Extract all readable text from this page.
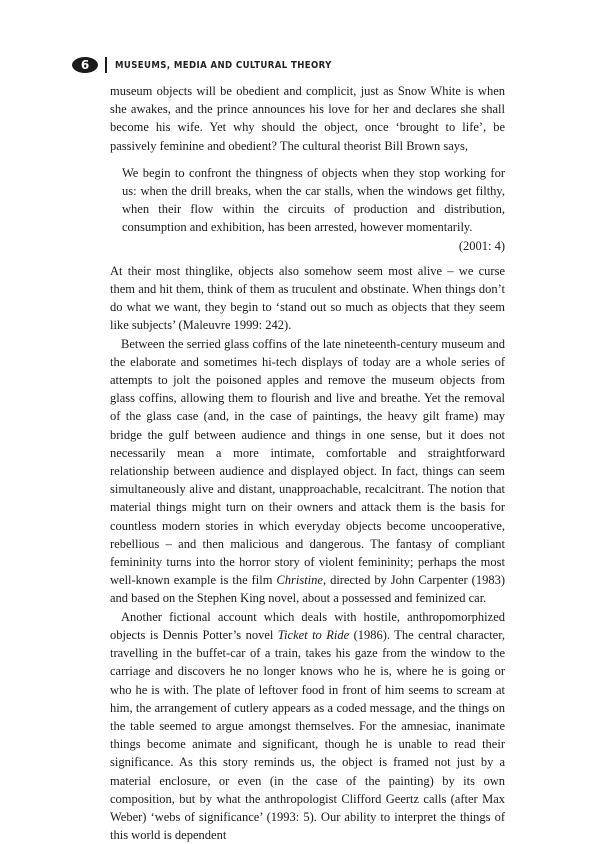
6	MUSEUMS, MEDIA AND CULTURAL THEORY

museum objects will be obedient and complicit, just as Snow White is when she awakes, and the prince announces his love for her and declares she shall become his wife. Yet why should the object, once ‘brought to life’, be passively feminine and obedient? The cultural theorist Bill Brown says,

We begin to confront the thingness of objects when they stop working for us: when the drill breaks, when the car stalls, when the windows get filthy, when their flow within the circuits of production and distribution, consumption and exhibition, has been arrested, however momentarily.
(2001: 4)

At their most thinglike, objects also somehow seem most alive – we curse them and hit them, think of them as truculent and obstinate. When things don’t do what we want, they begin to ‘stand out so much as objects that they seem like subjects’ (Maleuvre 1999: 242).

Between the serried glass coffins of the late nineteenth-century museum and the elaborate and sometimes hi-tech displays of today are a whole series of attempts to jolt the poisoned apples and remove the museum objects from glass coffins, allowing them to flourish and live and breathe. Yet the removal of the glass case (and, in the case of paintings, the heavy gilt frame) may bridge the gulf between audience and things in one sense, but it does not necessarily mean a more intimate, comfortable and straightforward relationship between audience and displayed object. In fact, things can seem simultaneously alive and distant, unapproachable, recalcitrant. The notion that material things might turn on their owners and attack them is the basis for countless modern stories in which everyday objects become uncooperative, rebellious – and then malicious and dangerous. The fantasy of compliant femininity turns into the horror story of violent femininity; perhaps the most well-known example is the film Christine, directed by John Carpenter (1983) and based on the Stephen King novel, about a possessed and feminized car.

Another fictional account which deals with hostile, anthropomorphized objects is Dennis Potter’s novel Ticket to Ride (1986). The central character, travelling in the buffet-car of a train, takes his gaze from the window to the carriage and discovers he no longer knows who he is, where he is going or who he is with. The plate of leftover food in front of him seems to scream at him, the arrangement of cutlery appears as a coded message, and the things on the table seemed to argue amongst themselves. For the amnesiac, inanimate things become animate and significant, though he is unable to read their significance. As this story reminds us, the object is framed not just by a material enclosure, or even (in the case of the painting) by its own composition, but by what the anthropologist Clifford Geertz calls (after Max Weber) ‘webs of significance’ (1993: 5). Our ability to interpret the things of this world is dependent
